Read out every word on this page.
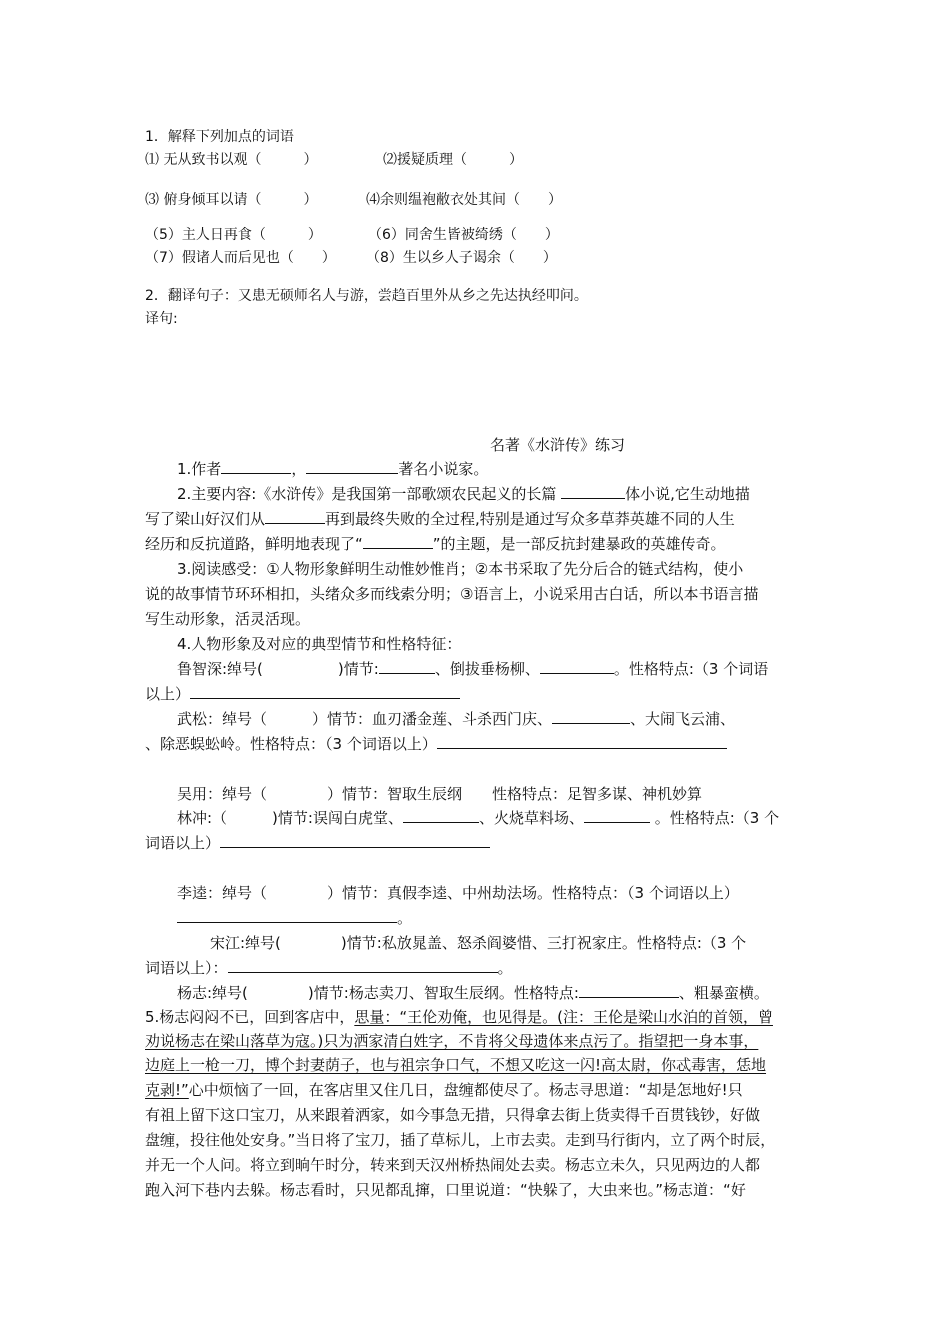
1．解释下列加点的词语
⑴ 无从致书以观（　　　）	⑵援疑质理（　　　）
⑶ 俯身倾耳以请（　　　）	⑷余则缊袍敝衣处其间（　　）
（5）主人日再食（　　　）	（6）同舍生皆被绮绣（　　）
（7）假诸人而后见也（　　） （8）生以乡人子谒余（　　）
2．翻译句子：又患无硕师名人与游，尝趋百里外从乡之先达执经叩问。
译句:
名著《水浒传》练习
1.作者	，	著名小说家。
2.主要内容:《水浒传》是我国第一部歌颂农民起义的长篇	体小说,它生动地描
写了梁山好汉们从	再到最终失败的全过程,特别是通过写众多草莽英雄不同的人生
经历和反抗道路，鲜明地表现了“	”的主题，是一部反抗封建暴政的英雄传奇。
3.阅读感受：①人物形象鲜明生动惟妙惟肖；②本书采取了先分后合的链式结构，使小
说的故事情节环环相扣，头绪众多而线索分明；③语言上，小说采用古白话，所以本书语言描
写生动形象，活灵活现。
4.人物形象及对应的典型情节和性格特征：
鲁智深:绰号(　　　　　)情节:	、倒拔垂杨柳、	。性格特点:（3 个词语
以上）
武松：绰号（　　　）情节：血刃潘金莲、斗杀西门庆、	、大闹飞云浦、
、除恶蜈蚣岭。性格特点：（3 个词语以上）
吴用：绰号（　　　　）情节：智取生辰纲　　性格特点：足智多谋、神机妙算
林冲:（　　　)情节:误闯白虎堂、	、火烧草料场、	。性格特点:（3 个
词语以上）
李逵：绰号（　　　　）情节：真假李逵、中州劫法场。性格特点：（3 个词语以上）
。
宋江:绰号(　　　　)情节:私放晁盖、怒杀阎婆惜、三打祝家庄。性格特点:（3 个
词语以上）：	。
杨志:绰号(　　　　)情节:杨志卖刀、智取生辰纲。性格特点:	、粗暴蛮横。
5.杨志闷闷不已，回到客店中，思量：“王伦劝俺，也见得是。(注：王伦是梁山水泊的首领，曾
劝说杨志在梁山落草为寇。)只为洒家清白姓字，不肯将父母遗体来点污了。指望把一身本事，
边庭上一枪一刀，博个封妻荫子，也与祖宗争口气，不想又吃这一闪!高太尉，你忒毒害，恁地
克剥!”心中烦恼了一回，在客店里又住几日，盘缠都使尽了。杨志寻思道：“却是怎地好!只
有祖上留下这口宝刀，从来跟着洒家，如今事急无措，只得拿去街上货卖得千百贯钱钞，好做
盘缠，投往他处安身。”当日将了宝刀，插了草标儿，上市去卖。走到马行街内，立了两个时辰，
并无一个人问。将立到晌午时分，转来到天汉州桥热闹处去卖。杨志立未久，只见两边的人都
跑入河下巷内去躲。杨志看时，只见都乱撺，口里说道：“快躲了，大虫来也。”杨志道：“好
